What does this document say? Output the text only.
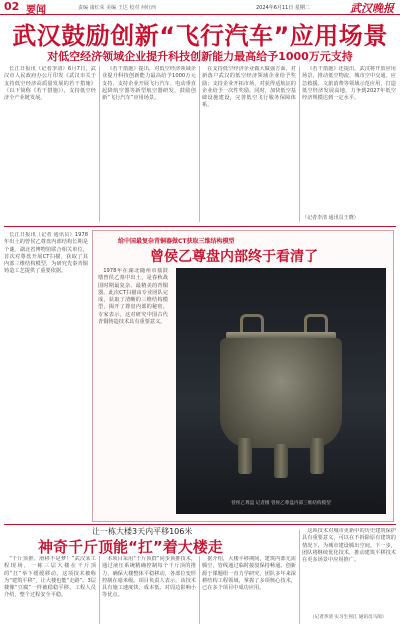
02 要闻	责编 康红荣 美编 王达 校对 何红西	2024年6月11日 星期二	武汉晚报
武汉鼓励创新“飞行汽车”应用场景
对低空经济领域企业提升科技创新能力最高给予1000万元支持

长江日报讯（记者李清）6月7日，武汉市人民政府办公厅印发《武汉市关于支持低空经济高质量发展的若干措施》（以下简称《若干措施》），支持低空经济全产业链发展。

《若干措施》提出，对低空经济领域企业提升科技创新能力最高给予1000万元支持，支持企业开展飞行汽车、电动垂直起降航空器等新型航空器研发，鼓励创新“飞行汽车”应用场景。

在支持低空经济企业做大做强方面，对新落户武汉的低空经济领域企业给予奖励；支持企业开拓市场，对获得适航证的企业给予一次性奖励。同时，加快低空基础设施建设，完善低空飞行服务保障体系。

《若干措施》还提出，武汉将开放应用场景，推动低空物流、城市空中交通、应急救援、文旅消费等领域示范应用，打造低空经济发展高地，力争到2027年低空经济规模达到一定水平。

（记者李清 通讯员王晓）
给中国最复杂青铜器做CT获取三维结构模型
曾侯乙尊盘内部终于看清了

长江日报讯（记者 通讯员）1978年出土的曾侯乙尊盘内部结构长期是个谜。湖北省博物馆联合相关单位，首次对尊盘开展CT扫描，获取了其内部三维结构模型，为研究先秦青铜铸造工艺提供了重要依据。	1978年在湖北随州市擂鼓墩曾侯乙墓中出土，是春秋战国时期最复杂、最精美的青铜器。此次CT扫描由专业团队完成，获取了清晰的三维结构模型，揭开了尊盘内部的秘密。专家表示，这对研究中国古代青铜铸造技术具有重要意义。

曾侯乙尊盘 记者摄 曾侯乙尊盘内部三维结构模型
让一栋大楼3天内平移106米
神奇千斤顶能“扛”着大楼走

“千斤顶推、滑移不是梦！”武汉某工程现场，一栋三层大楼在千斤顶的“扛”举下缓缓移动。这项技术被称为“建筑平移”，让大楼也能“走路”。3层楼像“豆腐”一样被稳稳平移，工程人员介绍，整个过程安全平稳。

本项目采用“千斤顶群”同步顶推技术，通过液压系统精确控制每个千斤顶的推力，确保大楼整体平稳移动，各部位变形控制在毫米级。项目负责人表示，该技术具有施工速度快、成本低、对周边影响小等优点。

据介绍，大楼平移期间，建筑内部无需腾空，管线通过临时接驳保持畅通。创新源于课题组一直力学研究，团队多年来深耕结构工程领域，掌握了多项核心技术，已在多个项目中成功应用。

这项技术对城市更新中的历史建筑保护具有重要意义，可以在不拆除原有建筑的情况下，为城市建设腾出空间。下一步，团队将继续优化技术，推动建筑平移技术在更多场景中应用推广。

（记者李清 实习生何江 通讯员马阅）
